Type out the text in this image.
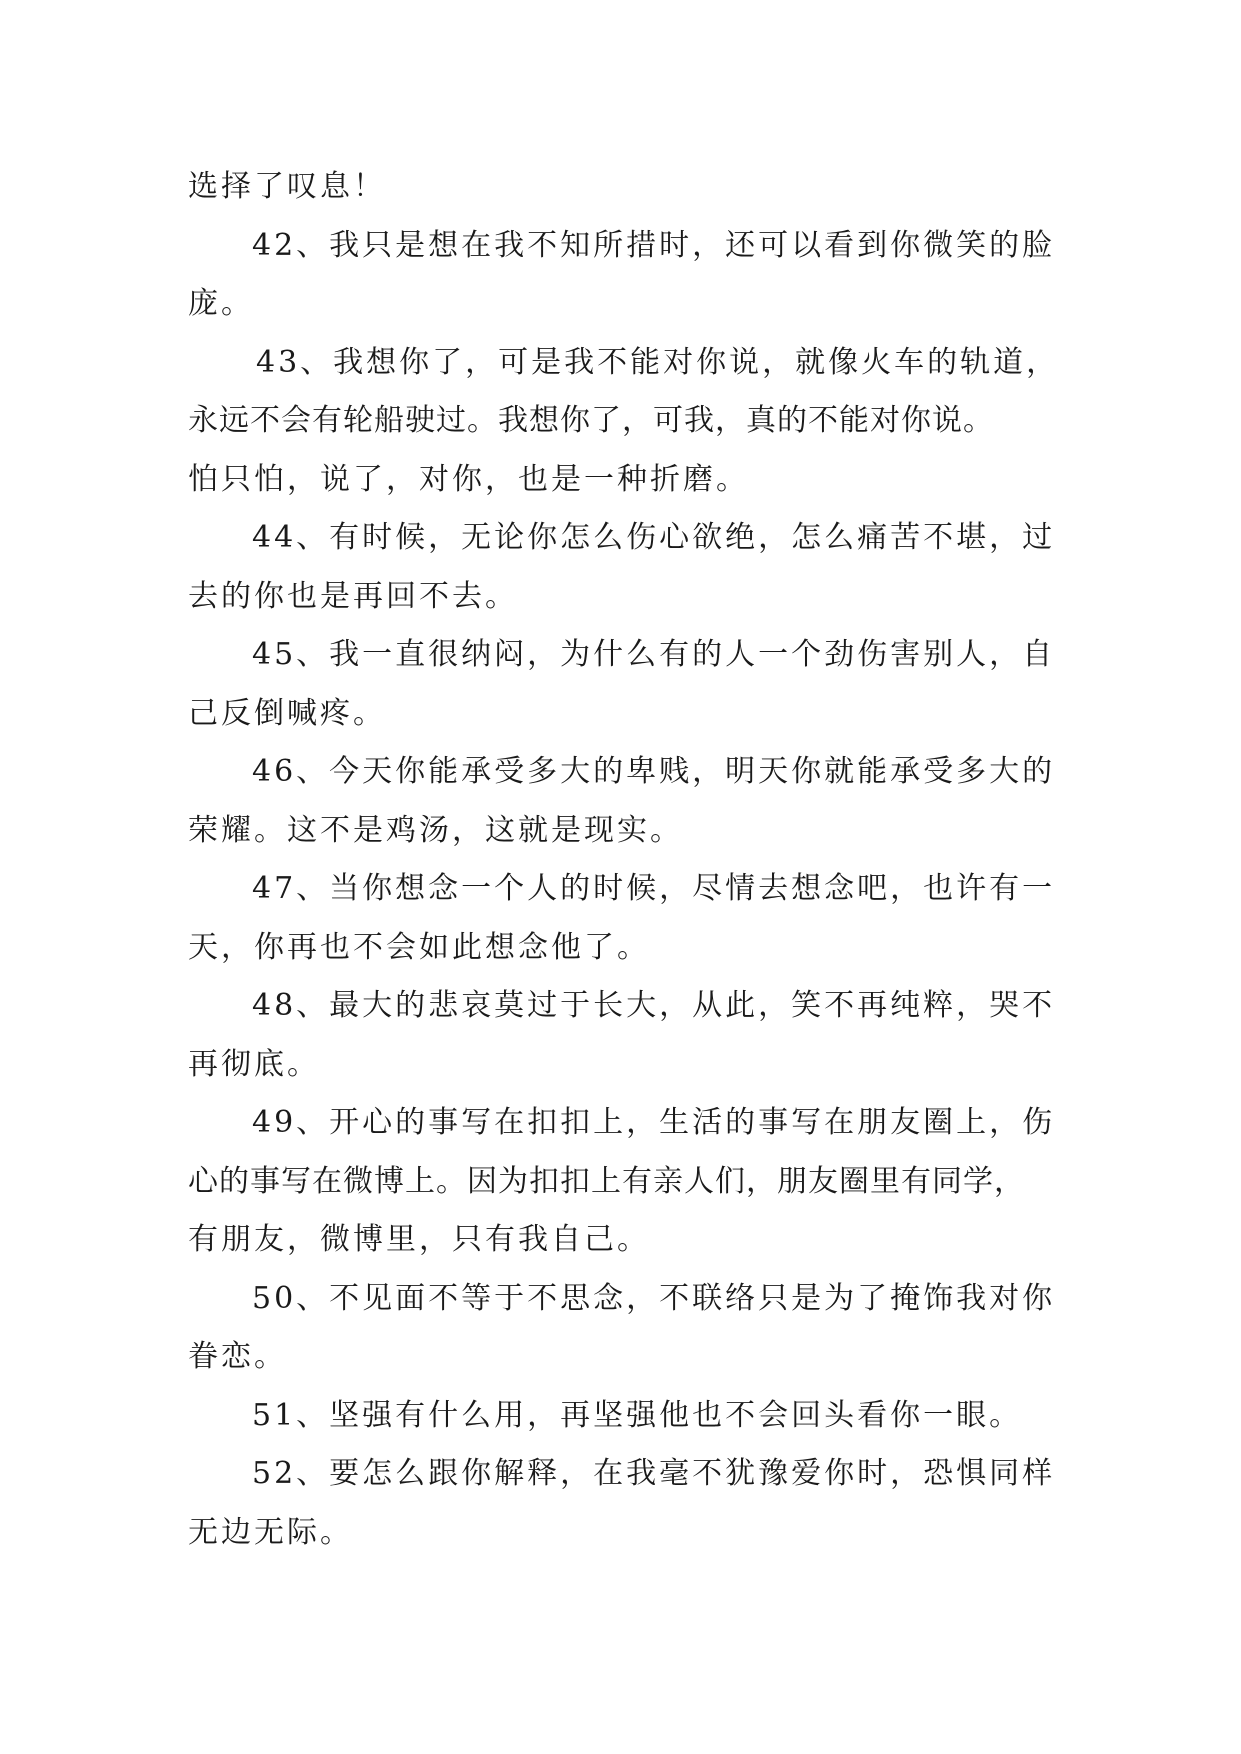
选择了叹息！
42、我只是想在我不知所措时，还可以看到你微笑的脸
庞。
43、我想你了，可是我不能对你说，就像火车的轨道，
永远不会有轮船驶过。我想你了，可我，真的不能对你说。
怕只怕，说了，对你，也是一种折磨。
44、有时候，无论你怎么伤心欲绝，怎么痛苦不堪，过
去的你也是再回不去。
45、我一直很纳闷，为什么有的人一个劲伤害别人，自
己反倒喊疼。
46、今天你能承受多大的卑贱，明天你就能承受多大的
荣耀。这不是鸡汤，这就是现实。
47、当你想念一个人的时候，尽情去想念吧，也许有一
天，你再也不会如此想念他了。
48、最大的悲哀莫过于长大，从此，笑不再纯粹，哭不
再彻底。
49、开心的事写在扣扣上，生活的事写在朋友圈上，伤
心的事写在微博上。因为扣扣上有亲人们，朋友圈里有同学，
有朋友，微博里，只有我自己。
50、不见面不等于不思念，不联络只是为了掩饰我对你
眷恋。
51、坚强有什么用，再坚强他也不会回头看你一眼。
52、要怎么跟你解释，在我毫不犹豫爱你时，恐惧同样
无边无际。
